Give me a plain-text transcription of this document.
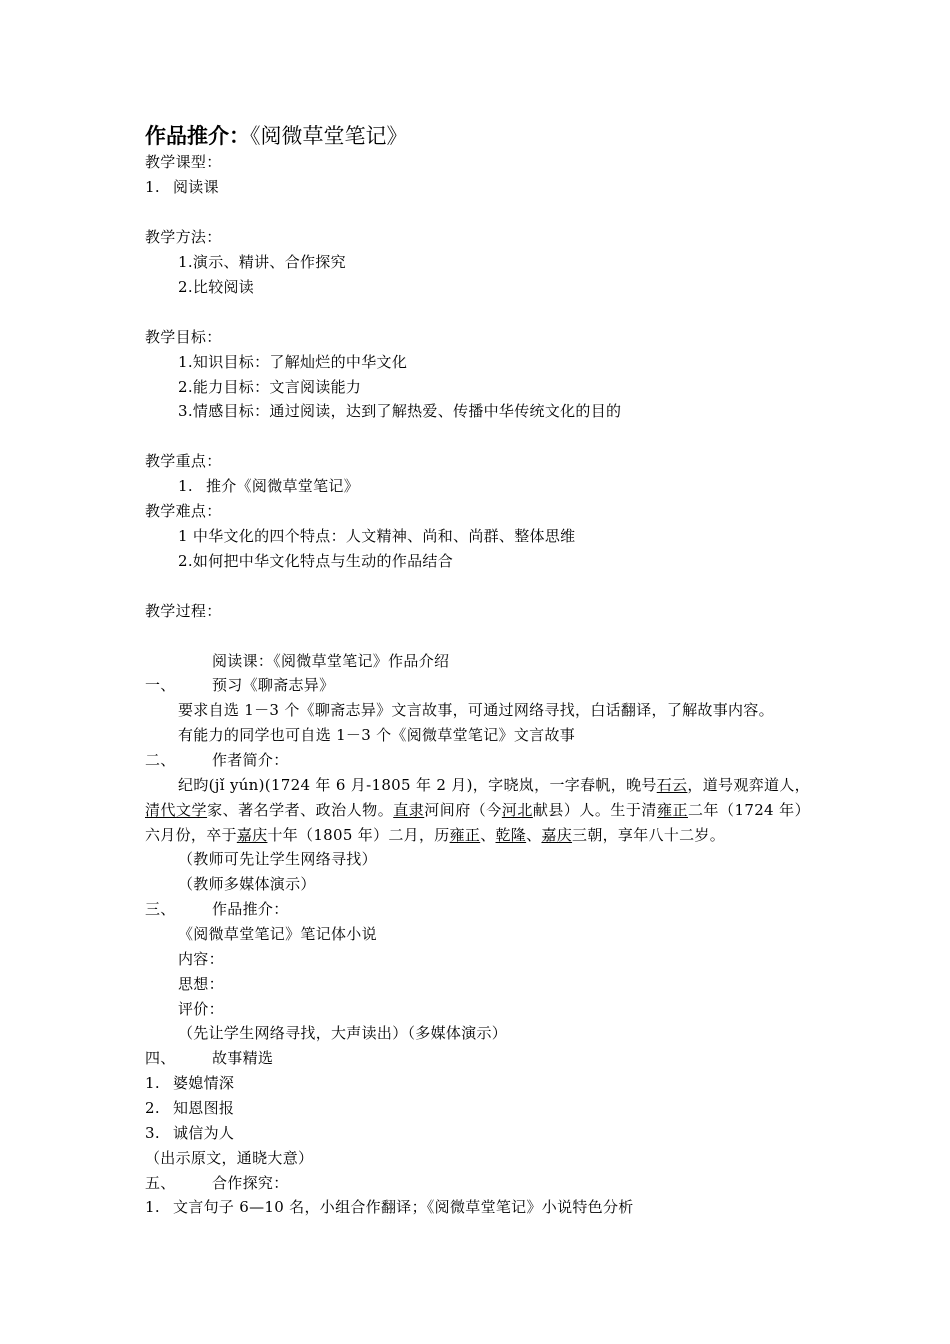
作品推介：《阅微草堂笔记》
教学课型：
1. 阅读课
教学方法：
1.演示、精讲、合作探究
2.比较阅读
教学目标：
1.知识目标：了解灿烂的中华文化
2.能力目标：文言阅读能力
3.情感目标：通过阅读，达到了解热爱、传播中华传统文化的目的
教学重点：
1. 推介《阅微草堂笔记》
教学难点：
1 中华文化的四个特点：人文精神、尚和、尚群、整体思维
2.如何把中华文化特点与生动的作品结合
教学过程：
阅读课：《阅微草堂笔记》作品介绍
一、 预习《聊斋志异》
要求自选 1－3 个《聊斋志异》文言故事，可通过网络寻找，白话翻译，了解故事内容。
有能力的同学也可自选 1－3 个《阅微草堂笔记》文言故事
二、 作者简介：
纪昀(jǐ yún)(1724 年 6 月-1805 年 2 月)，字晓岚，一字春帆，晚号石云，道号观弈道人，清代文学家、著名学者、政治人物。直隶河间府（今河北献县）人。生于清雍正二年（1724 年）六月份，卒于嘉庆十年（1805 年）二月，历雍正、乾隆、嘉庆三朝，享年八十二岁。
（教师可先让学生网络寻找）
（教师多媒体演示）
三、 作品推介：
《阅微草堂笔记》笔记体小说
内容：
思想：
评价：
（先让学生网络寻找，大声读出）（多媒体演示）
四、 故事精选
1. 婆媳情深
2. 知恩图报
3. 诚信为人
（出示原文，通晓大意）
五、 合作探究：
1. 文言句子 6—10 名，小组合作翻译；《阅微草堂笔记》小说特色分析
